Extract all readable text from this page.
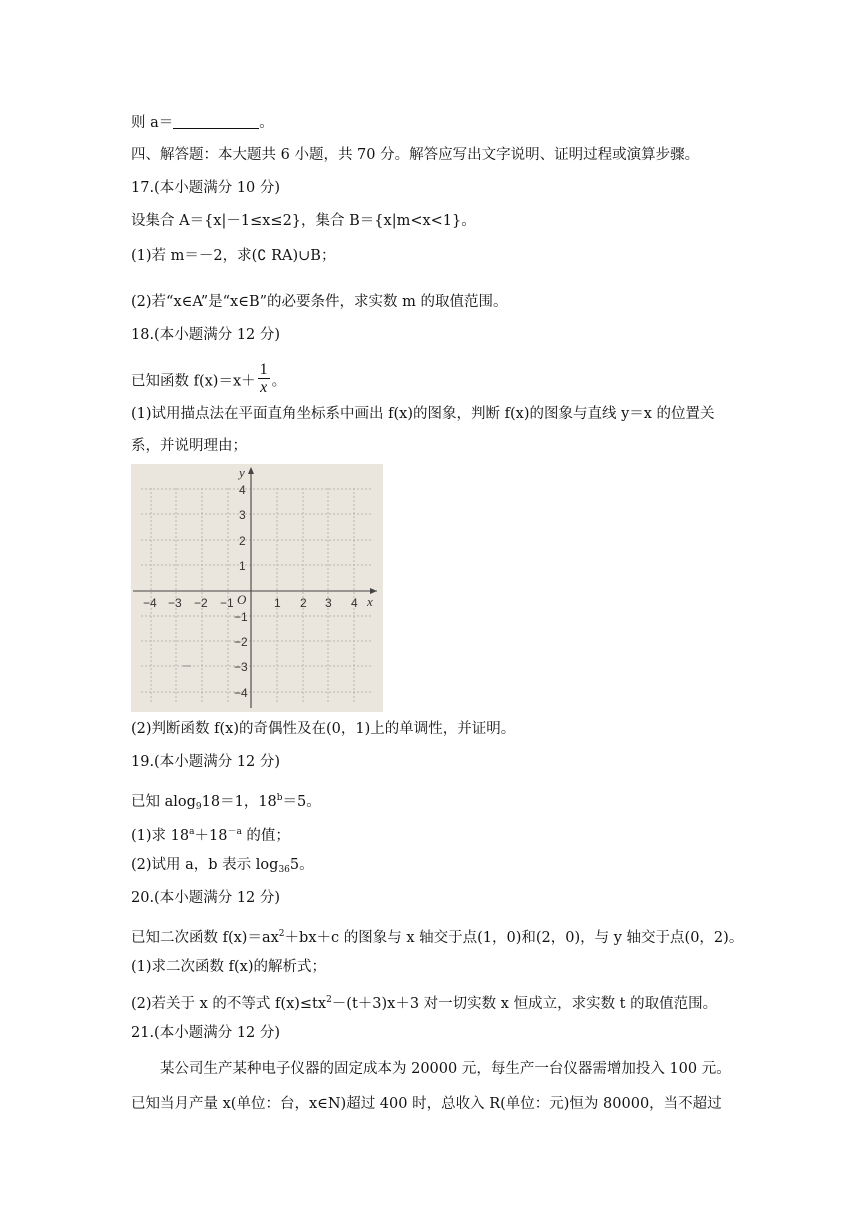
则 a＝	。
四、解答题：本大题共 6 小题，共 70 分。解答应写出文字说明、证明过程或演算步骤。
17.(本小题满分 10 分)
设集合 A＝{x|－1≤x≤2}，集合 B＝{x|m<x<1}。
(1)若 m＝－2，求(∁ RA)∪B；
(2)若“x∈A”是“x∈B”的必要条件，求实数 m 的取值范围。
18.(本小题满分 12 分)
已知函数 $f(x)=x+ \frac{1}{x}$ 。
(1)试用描点法在平面直角坐标系中画出 f(x)的图象，判断 f(x)的图象与直线 y＝x 的位置关
系，并说明理由；
x
y
O
−4 −3 −2 −1	1 2 3 4
4
3
2
1
−1
−2
−3
−4
(2)判断函数 f(x)的奇偶性及在(0，1)上的单调性，并证明。
19.(本小题满分 12 分)
已知 alog$_9$18＝1，$18^b=5$。
(1)求 $18^a+18^{-a}$ 的值；
(2)试用 a，b 表示 $\log_{36}5$。
20.(本小题满分 12 分)
已知二次函数 $f(x)=ax^2+bx+c$ 的图象与 x 轴交于点(1，0)和(2，0)，与 y 轴交于点(0，2)。
(1)求二次函数 f(x)的解析式；
(2)若关于 x 的不等式 $f(x)\le tx^2-(t+3)x+3$ 对一切实数 x 恒成立，求实数 t 的取值范围。
21.(本小题满分 12 分)
某公司生产某种电子仪器的固定成本为 20000 元，每生产一台仪器需增加投入 100 元。
已知当月产量 x(单位：台，x∈N)超过 400 时，总收入 R(单位：元)恒为 80000，当不超过
